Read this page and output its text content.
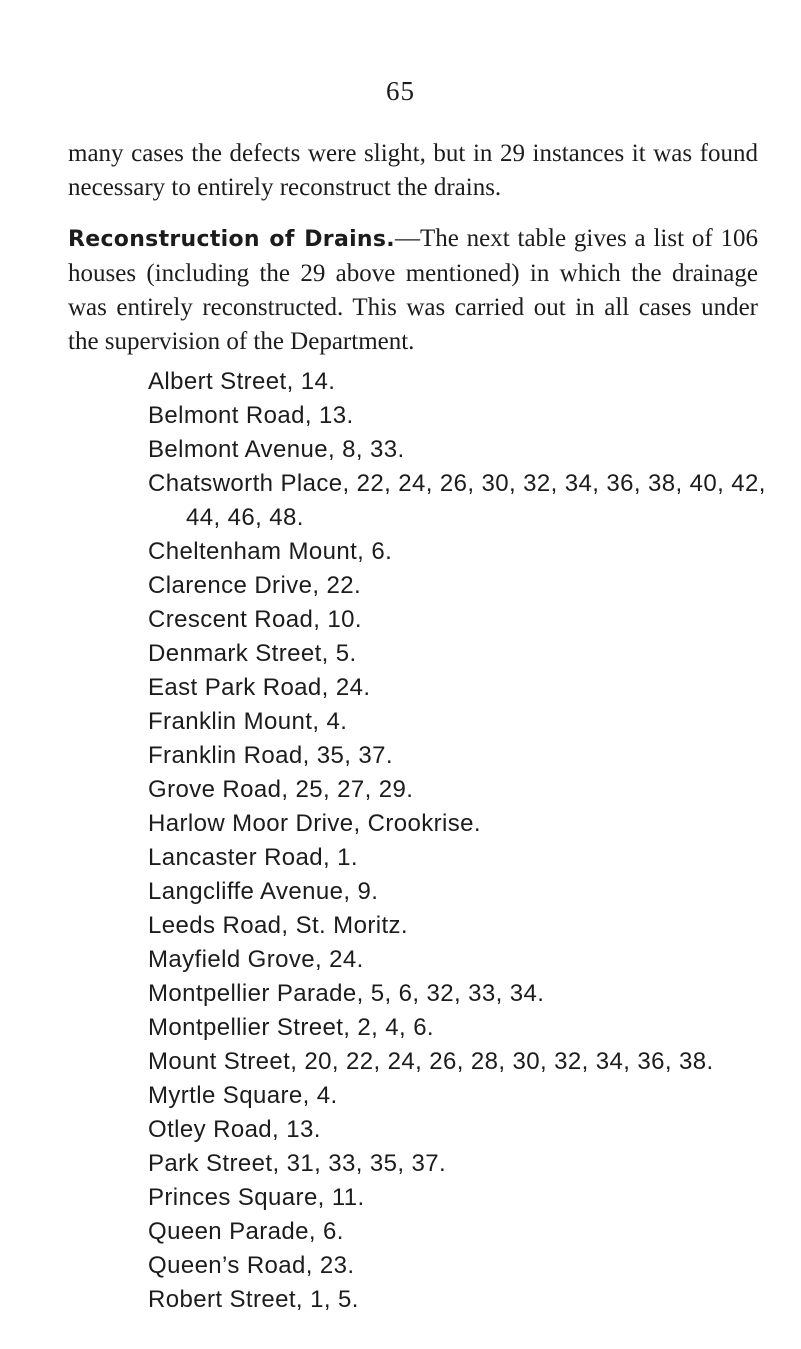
65

many cases the defects were slight, but in 29 instances it was found necessary to entirely reconstruct the drains.

Reconstruction of Drains.—The next table gives a list of 106 houses (including the 29 above mentioned) in which the drainage was entirely reconstructed. This was carried out in all cases under the supervision of the Department.

Albert Street, 14.
Belmont Road, 13.
Belmont Avenue, 8, 33.
Chatsworth Place, 22, 24, 26, 30, 32, 34, 36, 38, 40, 42, 44, 46, 48.
Cheltenham Mount, 6.
Clarence Drive, 22.
Crescent Road, 10.
Denmark Street, 5.
East Park Road, 24.
Franklin Mount, 4.
Franklin Road, 35, 37.
Grove Road, 25, 27, 29.
Harlow Moor Drive, Crookrise.
Lancaster Road, 1.
Langcliffe Avenue, 9.
Leeds Road, St. Moritz.
Mayfield Grove, 24.
Montpellier Parade, 5, 6, 32, 33, 34.
Montpellier Street, 2, 4, 6.
Mount Street, 20, 22, 24, 26, 28, 30, 32, 34, 36, 38.
Myrtle Square, 4.
Otley Road, 13.
Park Street, 31, 33, 35, 37.
Princes Square, 11.
Queen Parade, 6.
Queen’s Road, 23.
Robert Street, 1, 5.
